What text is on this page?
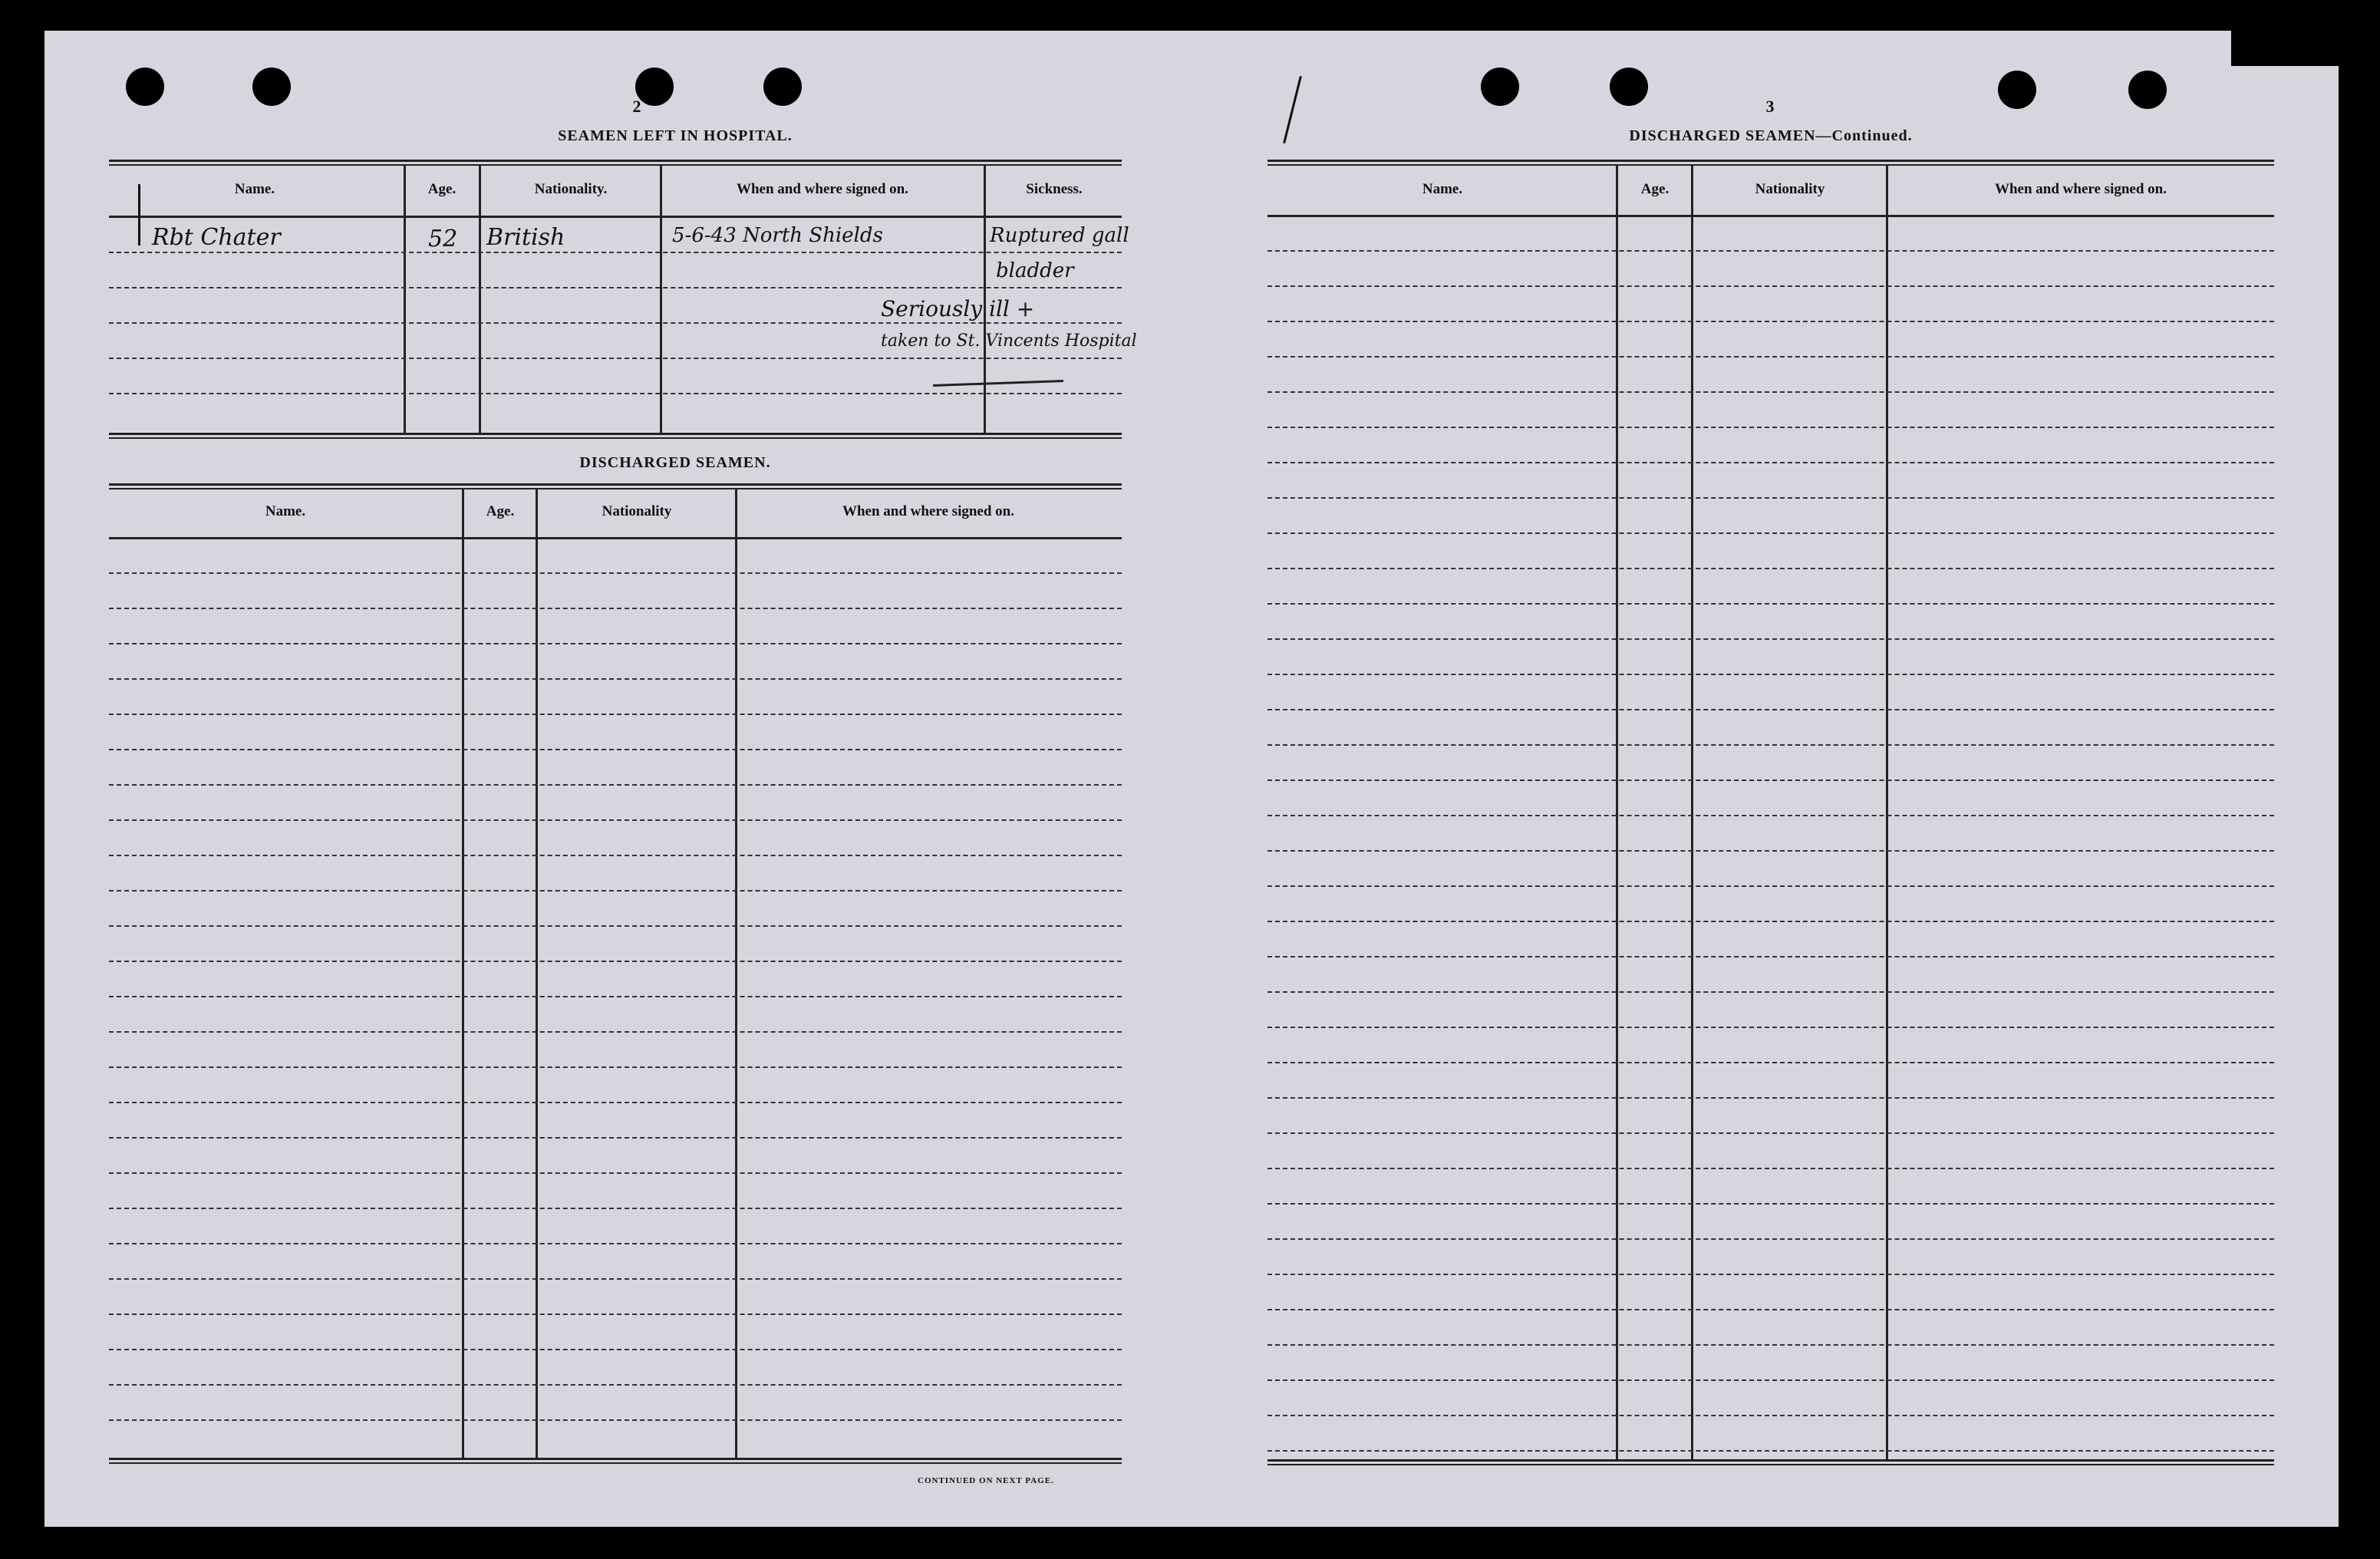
2
SEAMEN LEFT IN HOSPITAL.
Name.	Age.	Nationality.	When and where signed on.	Sickness.
Rbt Chater	52 British	5-6-43 North Shields	Ruptured gall
bladder
Seriously ill +
taken to St. Vincents Hospital
DISCHARGED SEAMEN.
Name.	Age.	Nationality	When and where signed on.
CONTINUED ON NEXT PAGE.
3
DISCHARGED SEAMEN—Continued.
Name.	Age.	Nationality	When and where signed on.
